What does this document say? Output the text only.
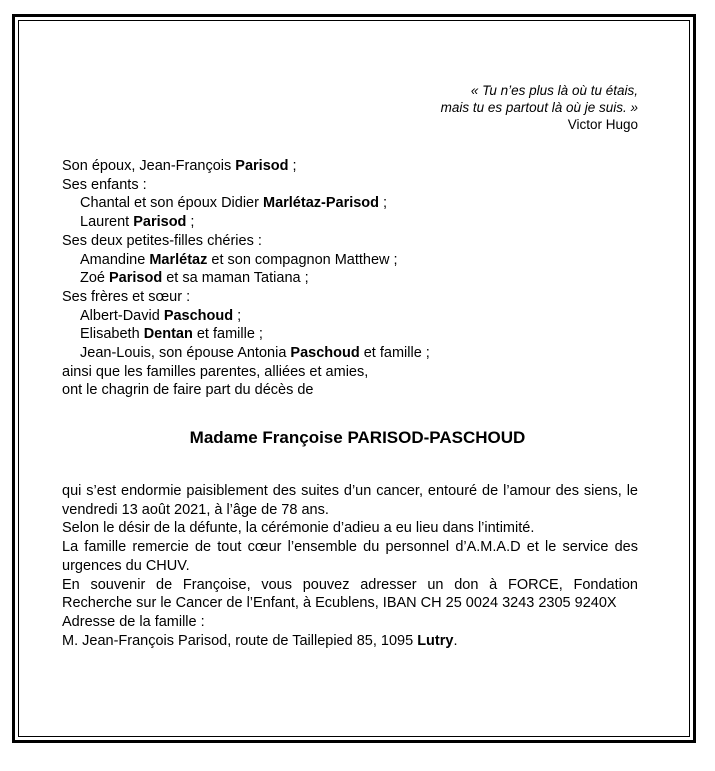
« Tu n’es plus là où tu étais,
mais tu es partout là où je suis. »
Victor Hugo
Son époux, Jean-François Parisod ;
Ses enfants :
Chantal et son époux Didier Marlétaz-Parisod ;
Laurent Parisod ;
Ses deux petites-filles chéries :
Amandine Marlétaz et son compagnon Matthew ;
Zoé Parisod et sa maman Tatiana ;
Ses frères et sœur :
Albert-David Paschoud ;
Elisabeth Dentan et famille ;
Jean-Louis, son épouse Antonia Paschoud et famille ;
ainsi que les familles parentes, alliées et amies,
ont le chagrin de faire part du décès de
Madame Françoise PARISOD-PASCHOUD
qui s’est endormie paisiblement des suites d’un cancer, entouré de l’amour des siens, le vendredi 13 août 2021, à l’âge de 78 ans.
Selon le désir de la défunte, la cérémonie d’adieu a eu lieu dans l’intimité.
La famille remercie de tout cœur l’ensemble du personnel d’A.M.A.D et le service des urgences du CHUV.
En souvenir de Françoise, vous pouvez adresser un don à FORCE, Fondation Recherche sur le Cancer de l’Enfant, à Ecublens, IBAN CH 25 0024 3243 2305 9240X
Adresse de la famille :
M. Jean-François Parisod, route de Taillepied 85, 1095 Lutry.
